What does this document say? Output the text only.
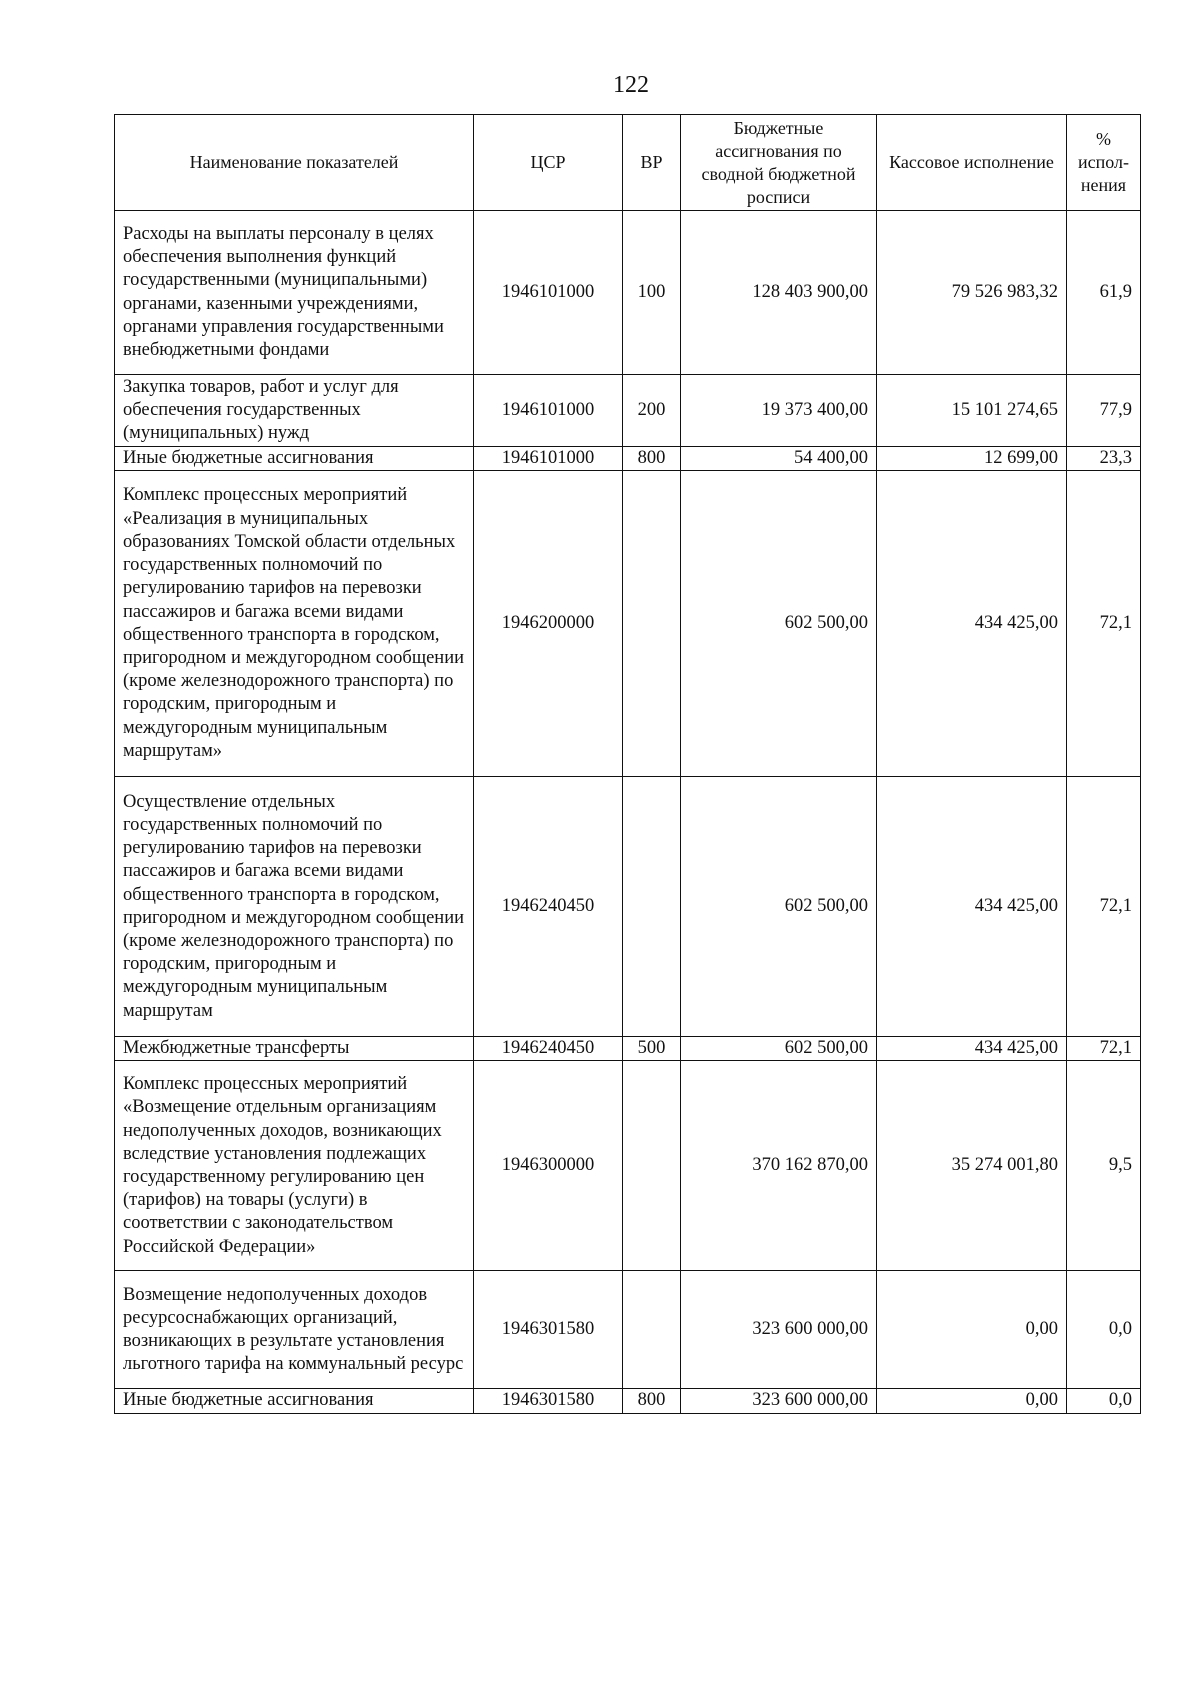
122
Наименование показателей	ЦСР	ВР	Бюджетные ассигнования по сводной бюджетной росписи	Кассовое исполнение	% испол-нения
Расходы на выплаты персоналу в целях обеспечения выполнения функций государственными (муниципальными) органами, казенными учреждениями, органами управления государственными внебюджетными фондами	1946101000	100	128 403 900,00	79 526 983,32	61,9
Закупка товаров, работ и услуг для обеспечения государственных (муниципальных) нужд	1946101000	200	19 373 400,00	15 101 274,65	77,9
Иные бюджетные ассигнования	1946101000	800	54 400,00	12 699,00	23,3
Комплекс процессных мероприятий «Реализация в муниципальных образованиях Томской области отдельных государственных полномочий по регулированию тарифов на перевозки пассажиров и багажа всеми видами общественного транспорта в городском, пригородном и междугородном сообщении (кроме железнодорожного транспорта) по городским, пригородным и междугородным муниципальным маршрутам»	1946200000		602 500,00	434 425,00	72,1
Осуществление отдельных государственных полномочий по регулированию тарифов на перевозки пассажиров и багажа всеми видами общественного транспорта в городском, пригородном и междугородном сообщении (кроме железнодорожного транспорта) по городским, пригородным и междугородным муниципальным маршрутам	1946240450		602 500,00	434 425,00	72,1
Межбюджетные трансферты	1946240450	500	602 500,00	434 425,00	72,1
Комплекс процессных мероприятий «Возмещение отдельным организациям недополученных доходов, возникающих вследствие установления подлежащих государственному регулированию цен (тарифов) на товары (услуги) в соответствии с законодательством Российской Федерации»	1946300000		370 162 870,00	35 274 001,80	9,5
Возмещение недополученных доходов ресурсоснабжающих организаций, возникающих в результате установления льготного тарифа на коммунальный ресурс	1946301580		323 600 000,00	0,00	0,0
Иные бюджетные ассигнования	1946301580	800	323 600 000,00	0,00	0,0
